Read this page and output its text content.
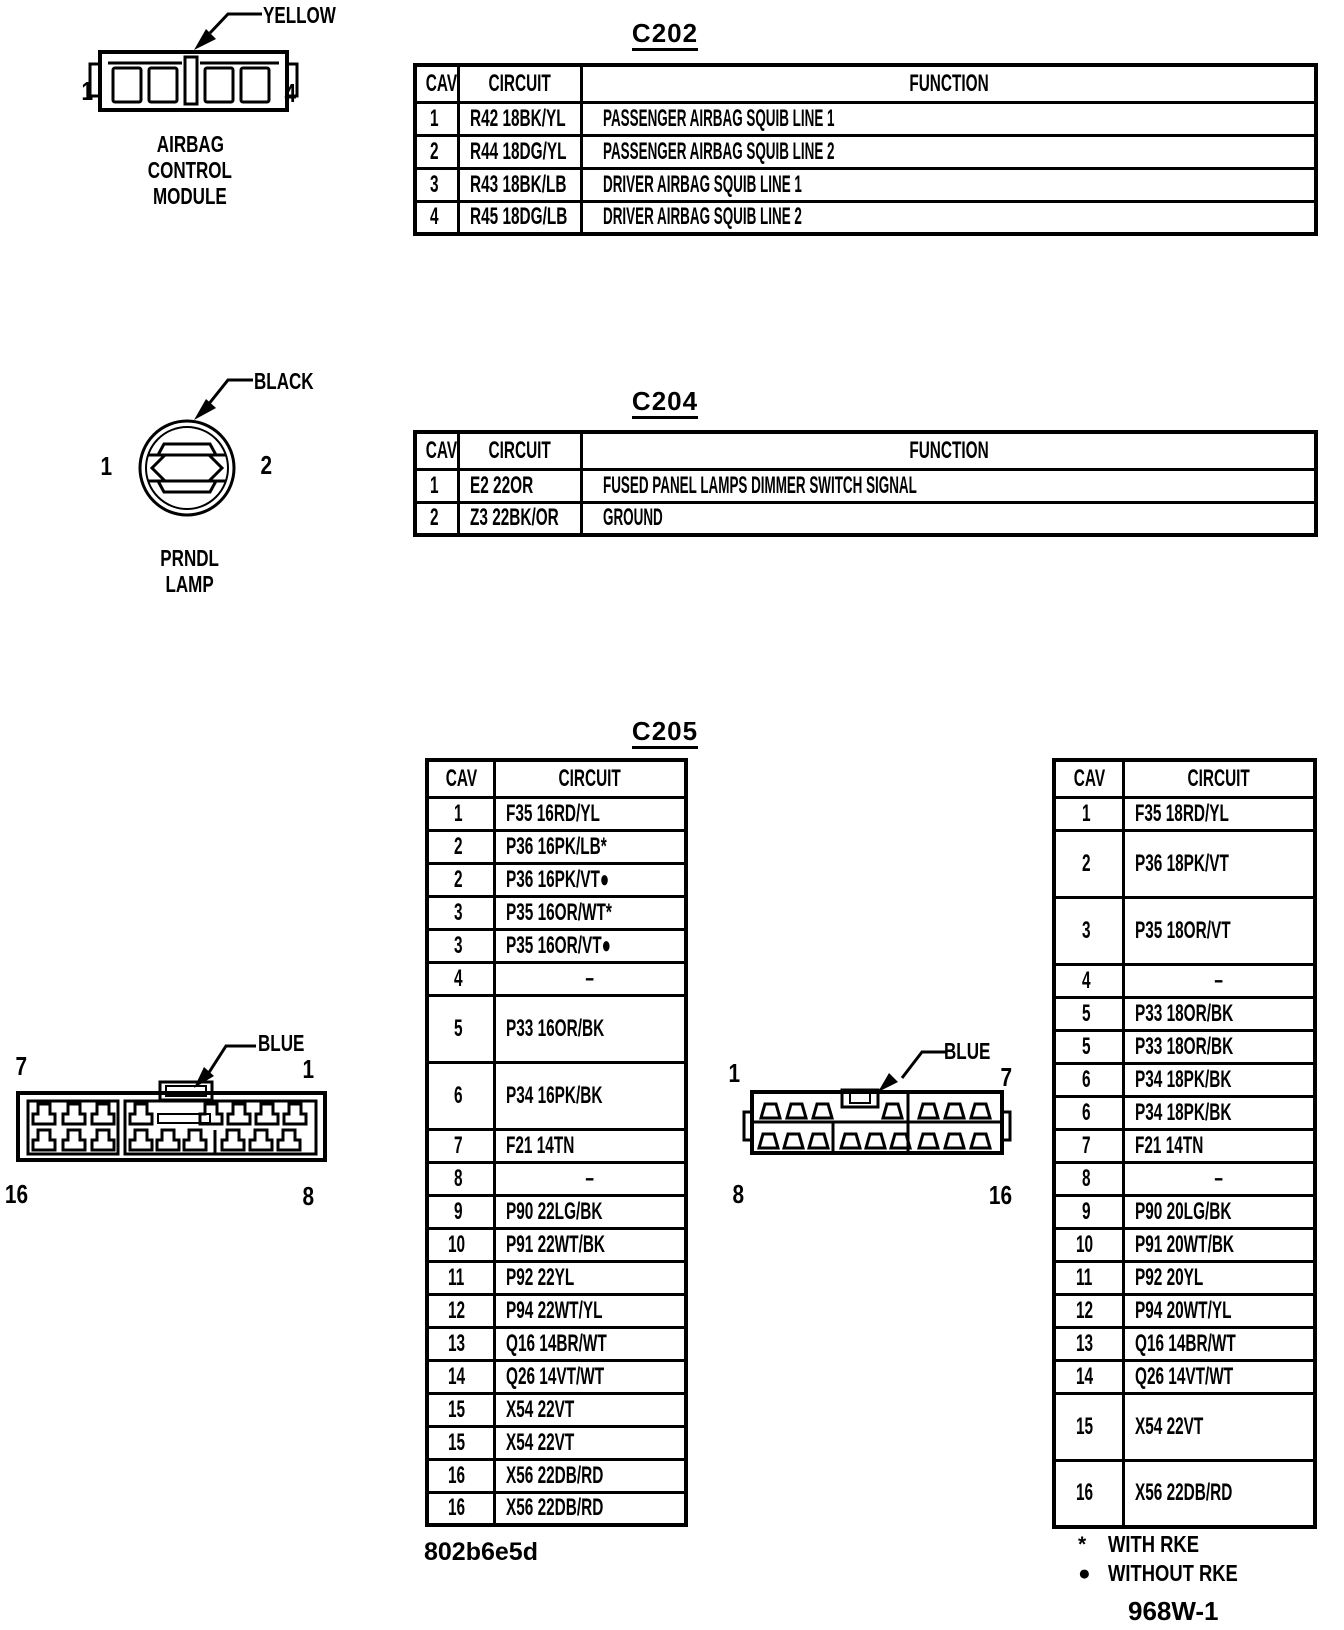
YELLOW
1	4
AIRBAG
CONTROL
MODULE
C202
CAV	CIRCUIT	FUNCTION
1	R42 18BK/YL	PASSENGER AIRBAG SQUIB LINE 1
2	R44 18DG/YL	PASSENGER AIRBAG SQUIB LINE 2
3	R43 18BK/LB	DRIVER AIRBAG SQUIB LINE 1
4	R45 18DG/LB	DRIVER AIRBAG SQUIB LINE 2
BLACK
1	2
PRNDL
LAMP
C204
CAV	CIRCUIT	FUNCTION
1	E2 22OR	FUSED PANEL LAMPS DIMMER SWITCH SIGNAL
2	Z3 22BK/OR	GROUND
C205
CAV	CIRCUIT
1	F35 16RD/YL
2	P36 16PK/LB*
2	P36 16PK/VT●
3	P35 16OR/WT*
3	P35 16OR/VT●
4	–
5	P33 16OR/BK
6	P34 16PK/BK
7	F21 14TN
8	–
9	P90 22LG/BK
10	P91 22WT/BK
11	P92 22YL
12	P94 22WT/YL
13	Q16 14BR/WT
14	Q26 14VT/WT
15	X54 22VT
15	X54 22VT
16	X56 22DB/RD
16	X56 22DB/RD
CAV	CIRCUIT
1	F35 18RD/YL
2	P36 18PK/VT
3	P35 18OR/VT
4	–
5	P33 18OR/BK
5	P33 18OR/BK
6	P34 18PK/BK
6	P34 18PK/BK
7	F21 14TN
8	–
9	P90 20LG/BK
10	P91 20WT/BK
11	P92 20YL
12	P94 20WT/YL
13	Q16 14BR/WT
14	Q26 14VT/WT
15	X54 22VT
16	X56 22DB/RD
BLUE
7	1
16	8
BLUE
1	7
8	16
802b6e5d	* WITH RKE
● WITHOUT RKE
968W-1
